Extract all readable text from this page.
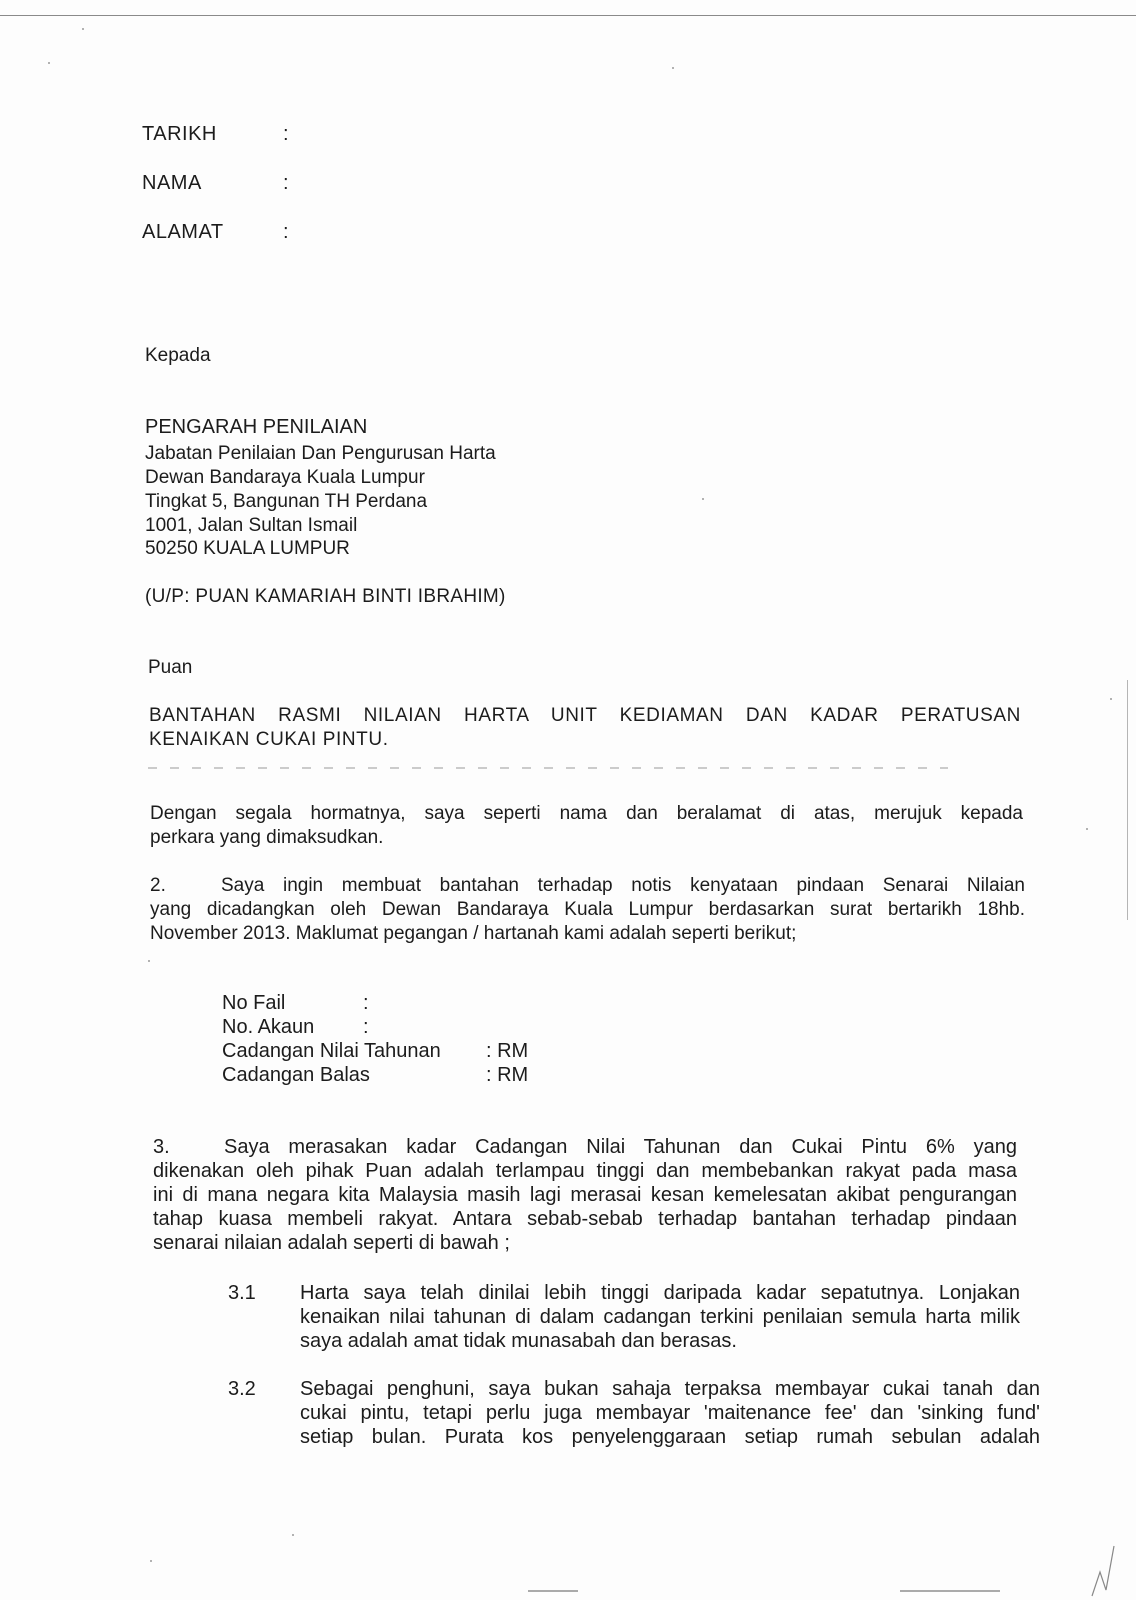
TARIKH	:
NAMA	:
ALAMAT	:
Kepada
PENGARAH PENILAIAN
Jabatan Penilaian Dan Pengurusan Harta
Dewan Bandaraya Kuala Lumpur
Tingkat 5, Bangunan TH Perdana
1001, Jalan Sultan Ismail
50250 KUALA LUMPUR
(U/P: PUAN KAMARIAH BINTI IBRAHIM)
Puan
BANTAHAN RASMI NILAIAN HARTA UNIT KEDIAMAN DAN KADAR PERATUSAN
KENAIKAN CUKAI PINTU.
Dengan segala hormatnya, saya seperti nama dan beralamat di atas, merujuk kepada
perkara yang dimaksudkan.
2.	Saya ingin membuat bantahan terhadap notis kenyataan pindaan Senarai Nilaian
yang dicadangkan oleh Dewan Bandaraya Kuala Lumpur berdasarkan surat bertarikh 18hb.
November 2013. Maklumat pegangan / hartanah kami adalah seperti berikut;
No Fail	:
No. Akaun :
Cadangan Nilai Tahunan : RM
Cadangan Balas	: RM
3.	Saya merasakan kadar Cadangan Nilai Tahunan dan Cukai Pintu 6% yang
dikenakan oleh pihak Puan adalah terlampau tinggi dan membebankan rakyat pada masa
ini di mana negara kita Malaysia masih lagi merasai kesan kemelesatan akibat pengurangan
tahap kuasa membeli rakyat. Antara sebab-sebab terhadap bantahan terhadap pindaan
senarai nilaian adalah seperti di bawah ;
3.1 Harta saya telah dinilai lebih tinggi daripada kadar sepatutnya. Lonjakan
kenaikan nilai tahunan di dalam cadangan terkini penilaian semula harta milik
saya adalah amat tidak munasabah dan berasas.
3.2 Sebagai penghuni, saya bukan sahaja terpaksa membayar cukai tanah dan
cukai pintu, tetapi perlu juga membayar 'maitenance fee' dan 'sinking fund'
setiap bulan. Purata kos penyelenggaraan setiap rumah sebulan adalah
